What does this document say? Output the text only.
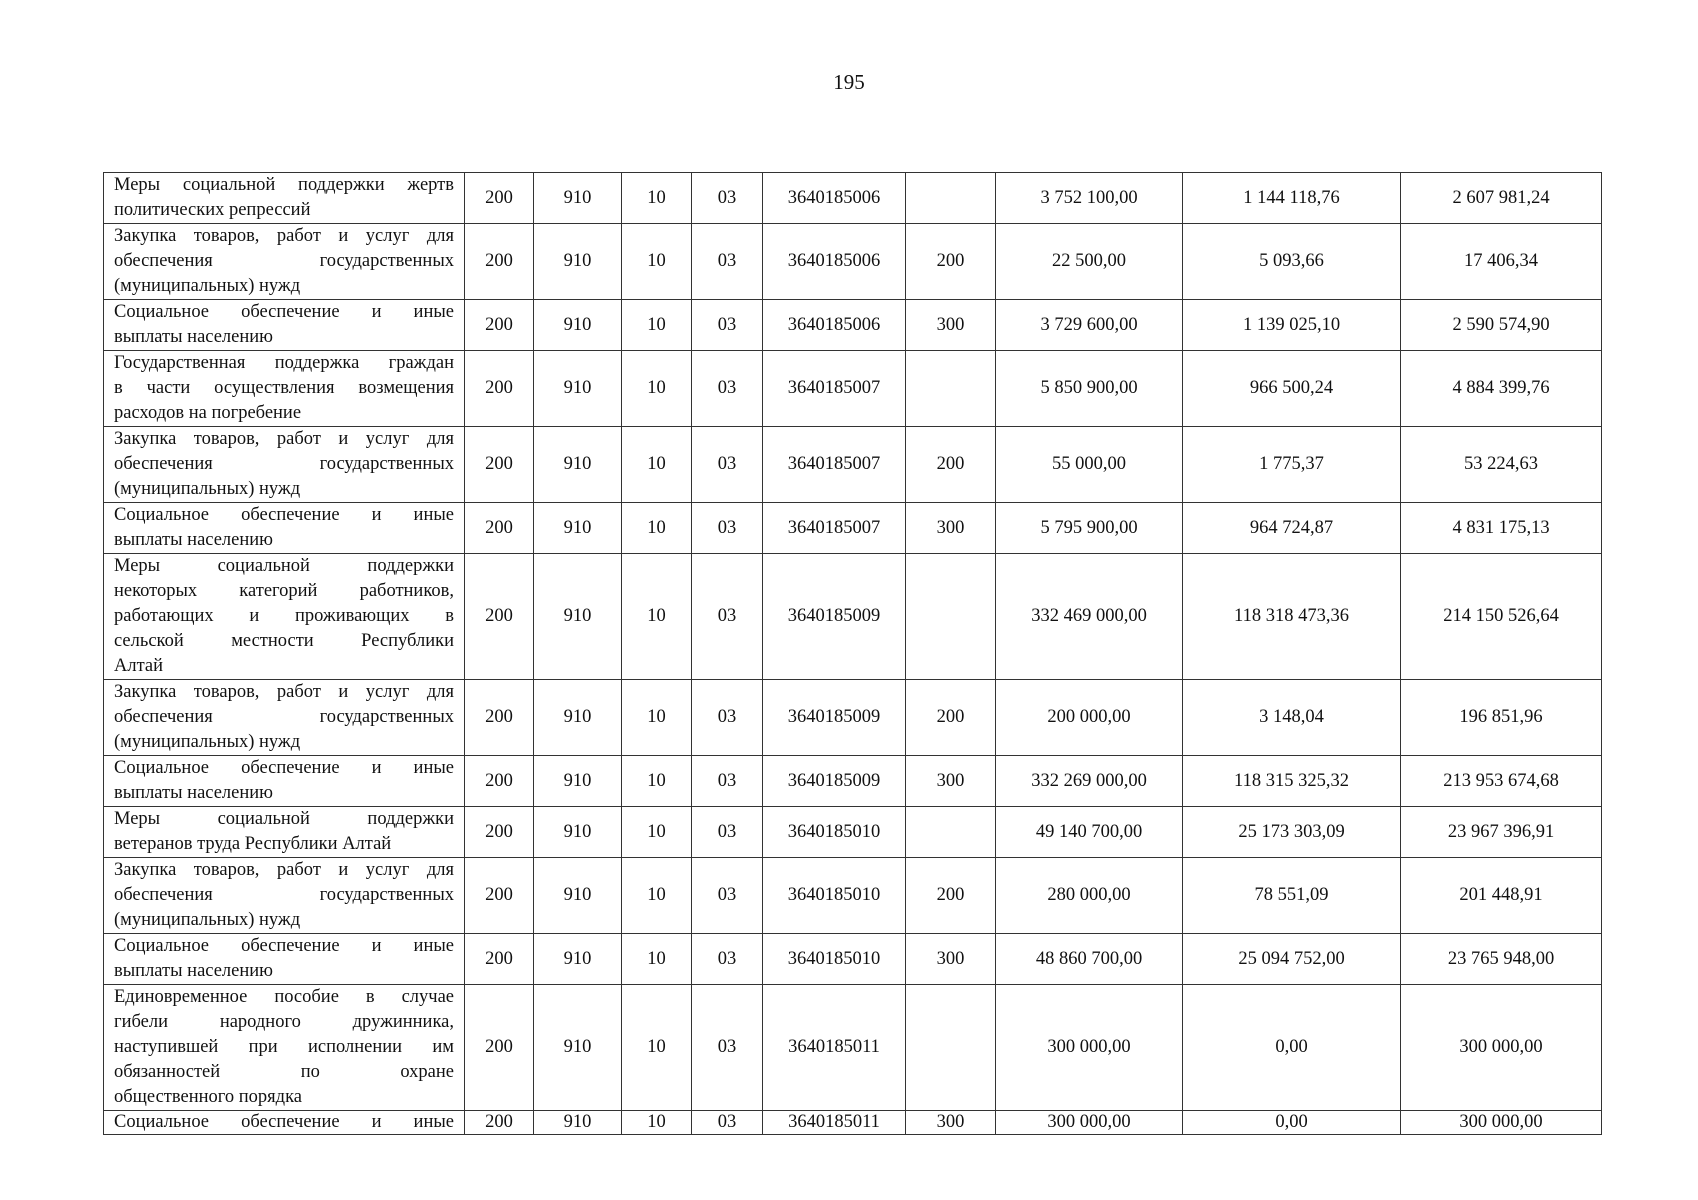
195
Меры социальной поддержки жертв
политических репрессий	200	910	10	03	3640185006		3 752 100,00	1 144 118,76	2 607 981,24

Закупка товаров, работ и услуг для
обеспечения государственных
(муниципальных) нужд	200	910	10	03	3640185006	200	22 500,00	5 093,66	17 406,34

Социальное обеспечение и иные
выплаты населению	200	910	10	03	3640185006	300	3 729 600,00	1 139 025,10	2 590 574,90

Государственная поддержка граждан
в части осуществления возмещения
расходов на погребение	200	910	10	03	3640185007		5 850 900,00	966 500,24	4 884 399,76

Закупка товаров, работ и услуг для
обеспечения государственных
(муниципальных) нужд	200	910	10	03	3640185007	200	55 000,00	1 775,37	53 224,63

Социальное обеспечение и иные
выплаты населению	200	910	10	03	3640185007	300	5 795 900,00	964 724,87	4 831 175,13

Меры социальной поддержки
некоторых категорий работников,
работающих и проживающих в
сельской местности Республики
Алтай	200	910	10	03	3640185009		332 469 000,00	118 318 473,36	214 150 526,64

Закупка товаров, работ и услуг для
обеспечения государственных
(муниципальных) нужд	200	910	10	03	3640185009	200	200 000,00	3 148,04	196 851,96

Социальное обеспечение и иные
выплаты населению	200	910	10	03	3640185009	300	332 269 000,00	118 315 325,32	213 953 674,68

Меры социальной поддержки
ветеранов труда Республики Алтай	200	910	10	03	3640185010		49 140 700,00	25 173 303,09	23 967 396,91

Закупка товаров, работ и услуг для
обеспечения государственных
(муниципальных) нужд	200	910	10	03	3640185010	200	280 000,00	78 551,09	201 448,91

Социальное обеспечение и иные
выплаты населению	200	910	10	03	3640185010	300	48 860 700,00	25 094 752,00	23 765 948,00

Единовременное пособие в случае
гибели народного дружинника,
наступившей при исполнении им
обязанностей по охране
общественного порядка	200	910	10	03	3640185011		300 000,00	0,00	300 000,00

Социальное обеспечение и иные	200	910	10	03	3640185011	300	300 000,00	0,00	300 000,00
